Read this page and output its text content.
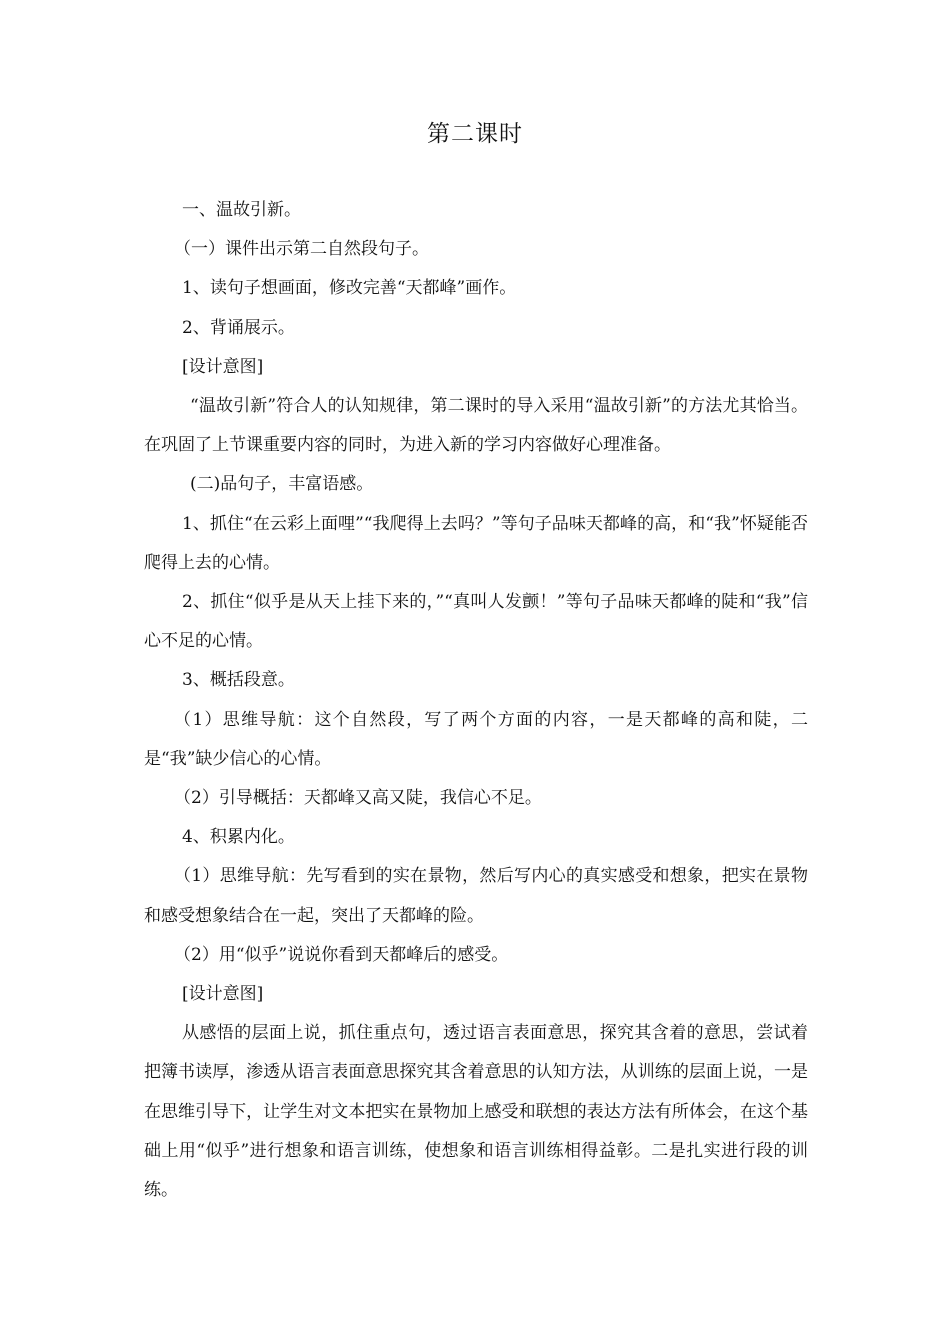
第二课时

一、温故引新。

（一）课件出示第二自然段句子。

1、读句子想画面，修改完善“天都峰”画作。

2、背诵展示。

[设计意图]

“温故引新”符合人的认知规律，第二课时的导入采用“温故引新”的方法尤其恰当。在巩固了上节课重要内容的同时，为进入新的学习内容做好心理准备。

(二)品句子，丰富语感。

1、抓住“在云彩上面哩”“我爬得上去吗？”等句子品味天都峰的高，和“我”怀疑能否爬得上去的心情。

2、抓住“似乎是从天上挂下来的，”“真叫人发颤！”等句子品味天都峰的陡和“我”信心不足的心情。

3、概括段意。

（1）思维导航：这个自然段，写了两个方面的内容，一是天都峰的高和陡，二是“我”缺少信心的心情。

（2）引导概括：天都峰又高又陡，我信心不足。

4、积累内化。

（1）思维导航：先写看到的实在景物，然后写内心的真实感受和想象，把实在景物和感受想象结合在一起，突出了天都峰的险。

（2）用“似乎”说说你看到天都峰后的感受。

[设计意图]

从感悟的层面上说，抓住重点句，透过语言表面意思，探究其含着的意思，尝试着把簿书读厚，渗透从语言表面意思探究其含着意思的认知方法，从训练的层面上说，一是在思维引导下，让学生对文本把实在景物加上感受和联想的表达方法有所体会，在这个基础上用“似乎”进行想象和语言训练，使想象和语言训练相得益彰。二是扎实进行段的训练。
